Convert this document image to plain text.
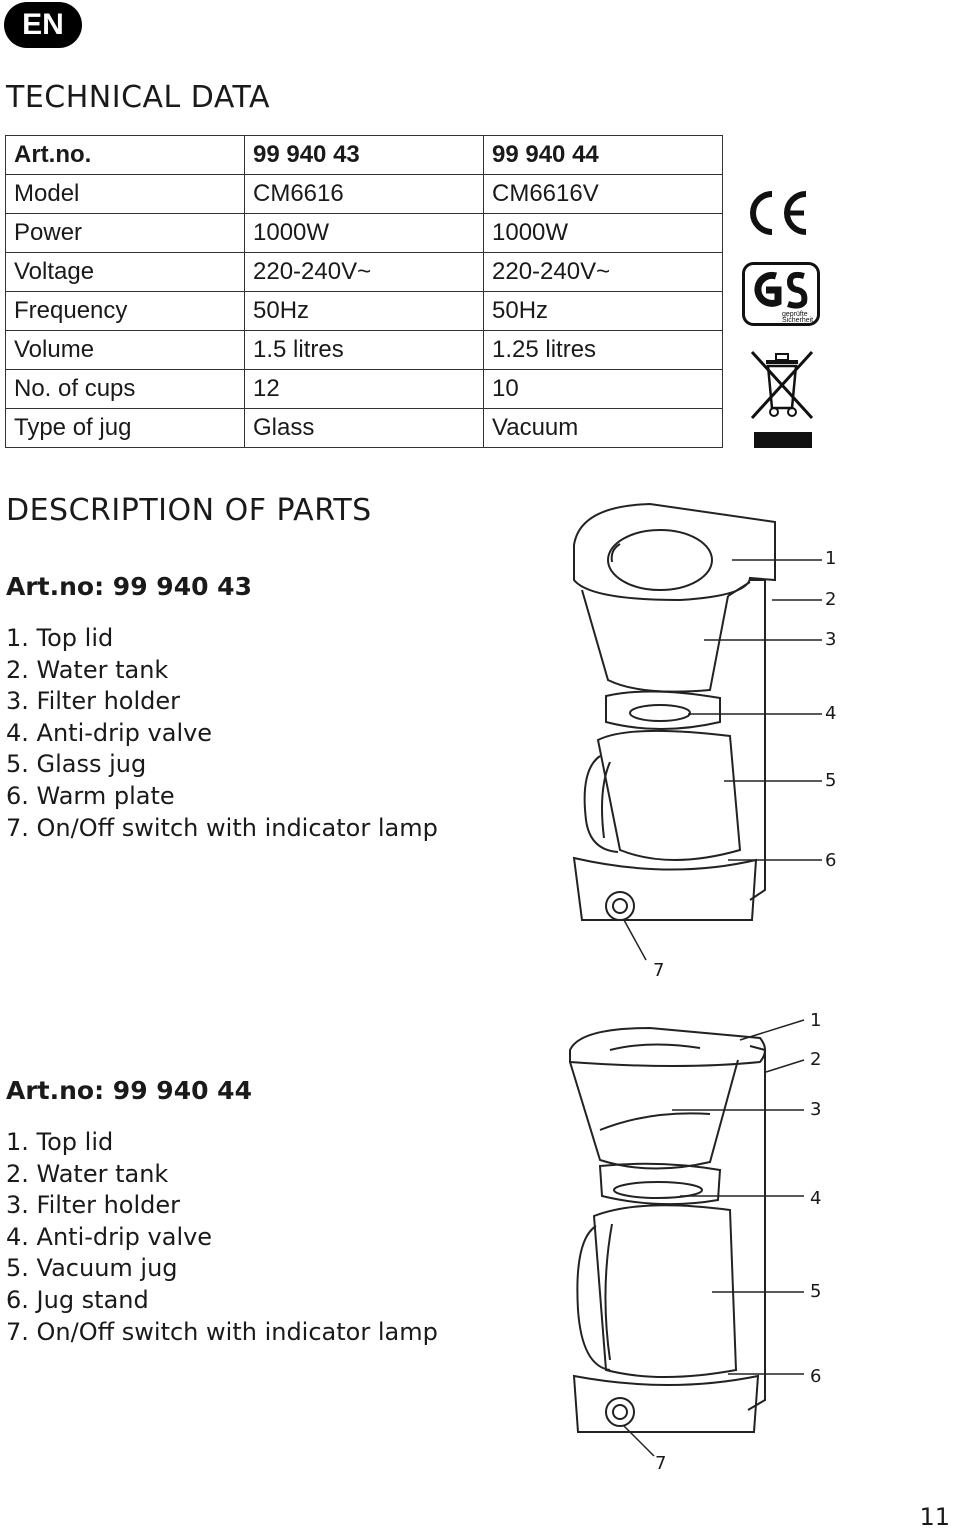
EN
TECHNICAL DATA
Art.no.	99 940 43	99 940 44
Model	CM6616	CM6616V
Power	1000W	1000W
Voltage	220-240V~	220-240V~
Frequency	50Hz	50Hz
Volume	1.5 litres	1.25 litres
No. of cups	12	10
Type of jug	Glass	Vacuum
geprüfte
Sicherheit
DESCRIPTION OF PARTS
Art.no: 99 940 43
1. Top lid
2. Water tank
3. Filter holder
4. Anti-drip valve
5. Glass jug
6. Warm plate
7. On/Off switch with indicator lamp
1
2
3
4
5
6
7
Art.no: 99 940 44
1. Top lid
2. Water tank
3. Filter holder
4. Anti-drip valve
5. Vacuum jug
6. Jug stand
7. On/Off switch with indicator lamp
1
2
3
4
5
6
7
11
